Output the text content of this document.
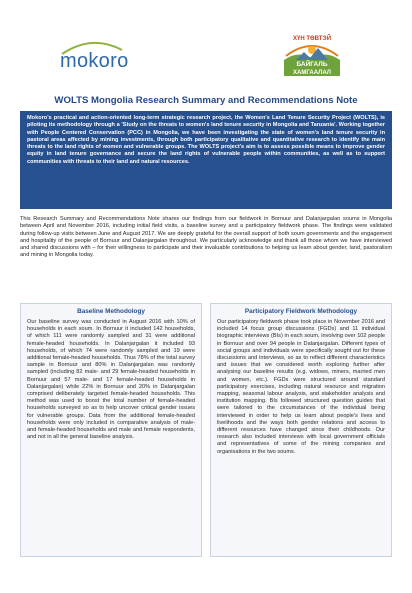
mokoro
ХҮН ТӨВТЭЙ
БАЙГАЛЬ
ХАМГААЛАЛ
WOLTS Mongolia Research Summary and Recommendations Note

Mokoro's practical and action-oriented long-term strategic research project, the Women's Land Tenure Security Project (WOLTS), is piloting its methodology through a 'Study on the threats to women's land tenure security in Mongolia and Tanzania'. Working together with People Centered Conservation (PCC) in Mongolia, we have been investigating the state of women's land tenure security in pastoral areas affected by mining investments, through both participatory qualitative and quantitative research to identify the main threats to the land rights of women and vulnerable groups. The WOLTS project's aim is to assess possible means to improve gender equity in land tenure governance and secure the land rights of vulnerable people within communities, as well as to support communities with threats to their land and natural resources.

This Research Summary and Recommendations Note shares our findings from our fieldwork in Bornuur and Dalanjargalan soums in Mongolia between April and November 2016, including initial field visits, a baseline survey and a participatory fieldwork phase. The findings were validated during follow-up visits between June and August 2017. We are deeply grateful for the overall support of both soum governments and the engagement and hospitality of the people of Bornuur and Dalanjargalan throughout. We particularly acknowledge and thank all those whom we have interviewed and shared discussions with – for their willingness to participate and their invaluable contributions to helping us learn about gender, land, pastoralism and mining in Mongolia today.

Baseline Methodology

Our baseline survey was conducted in August 2016 with 10% of households in each soum. In Bornuur it included 142 households, of which 111 were randomly sampled and 31 were additional female-headed households. In Dalanjargalan it included 93 households, of which 74 were randomly sampled and 19 were additional female-headed households. Thus 78% of the total survey sample in Bornuur and 80% in Dalanjargalan was randomly sampled (including 82 male- and 29 female-headed households in Bornuur and 57 male- and 17 female-headed households in Dalanjargalan) while 22% in Bornuur and 20% in Dalanjargalan comprised deliberately targeted female-headed households. This method was used to boost the total number of female-headed households surveyed so as to help uncover critical gender issues for vulnerable groups. Data from the additional female-headed households were only included in comparative analysis of male- and female-headed households and male and female respondents, and not in all the general baseline analysis.

Participatory Fieldwork Methodology

Our participatory fieldwork phase took place in November 2016 and included 14 focus group discussions (FGDs) and 11 individual biographic interviews (BIs) in each soum, involving over 102 people in Bornuur and over 94 people in Dalanjargalan. Different types of social groups and individuals were specifically sought out for these discussions and interviews, so as to reflect different characteristics and issues that we considered worth exploring further after analysing our baseline results (e.g. widows, miners, married men and women, etc.). FGDs were structured around standard participatory exercises, including natural resource and migration mapping, seasonal labour analysis, and stakeholder analysis and institution mapping. BIs followed structured question guides that were tailored to the circumstances of the individual being interviewed in order to help us learn about people's lives and livelihoods and the ways both gender relations and access to different resources have changed since their childhoods. Our research also included interviews with local government officials and representatives of some of the mining companies and organisations in the two soums.
